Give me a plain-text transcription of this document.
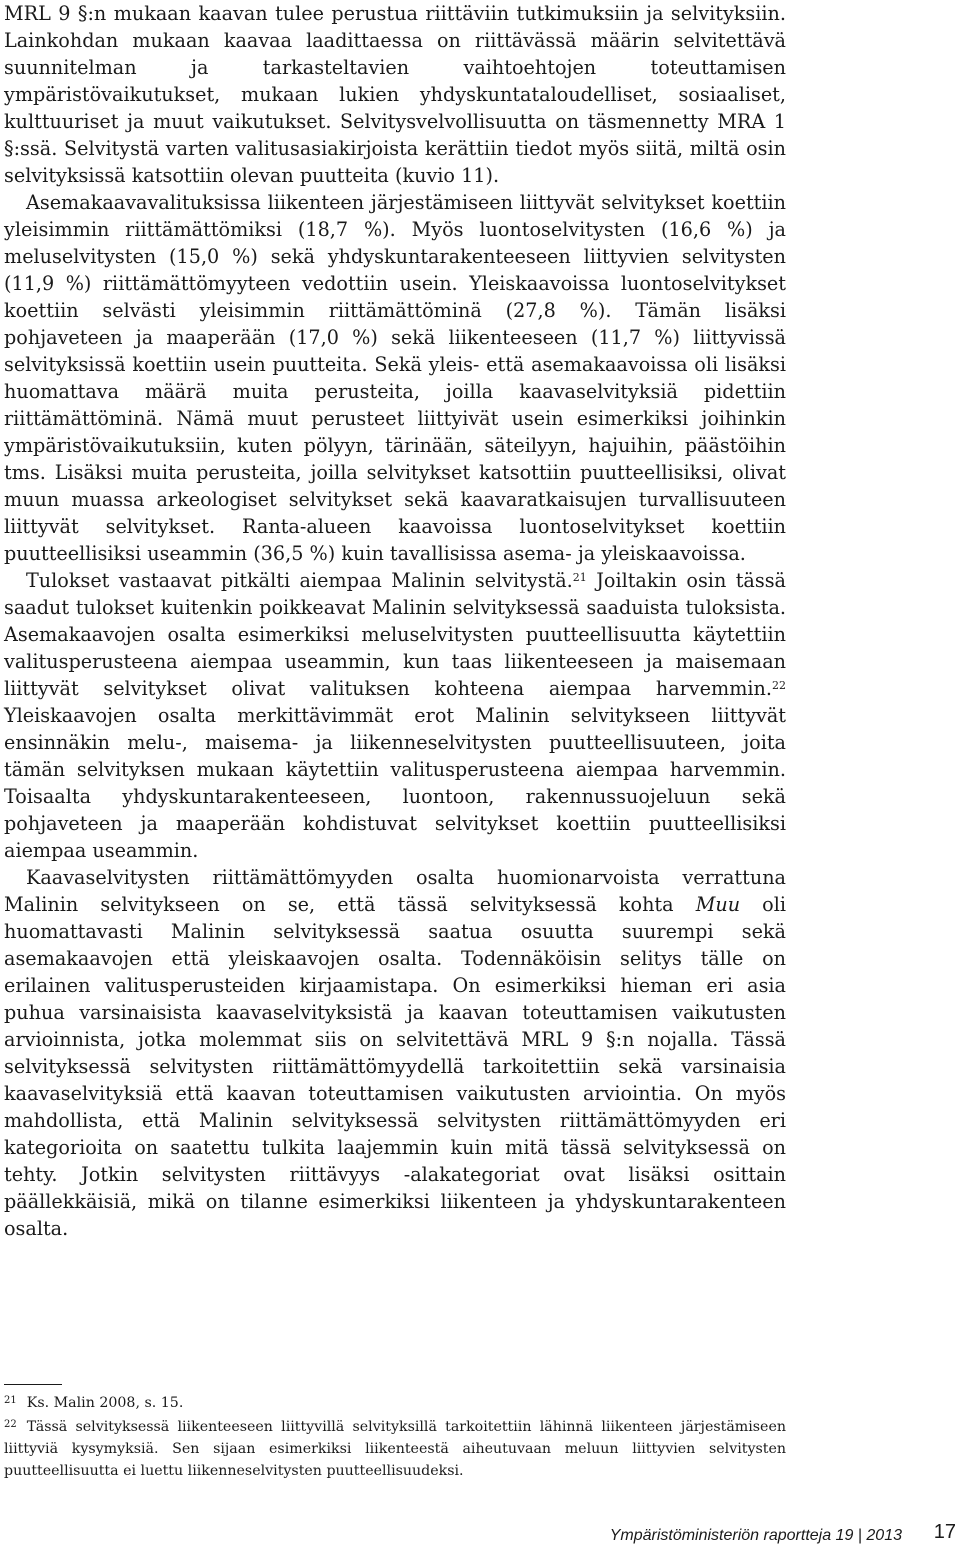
MRL 9 §:n mukaan kaavan tulee perustua riittäviin tutkimuksiin ja selvityksiin. Lainkohdan mukaan kaavaa laadittaessa on riittävässä määrin selvitettävä suunnitelman ja tarkasteltavien vaihtoehtojen toteuttamisen ympäristövaikutukset, mukaan lukien yhdyskuntataloudelliset, sosiaaliset, kulttuuriset ja muut vaikutukset. Selvitysvelvollisuutta on täsmennetty MRA 1 §:ssä. Selvitystä varten valitusasiakirjoista kerättiin tiedot myös siitä, miltä osin selvityksissä katsottiin olevan puutteita (kuvio 11).

Asemakaavavalituksissa liikenteen järjestämiseen liittyvät selvitykset koettiin yleisimmin riittämättömiksi (18,7 %). Myös luontoselvitysten (16,6 %) ja meluselvitysten (15,0 %) sekä yhdyskuntarakenteeseen liittyvien selvitysten (11,9 %) riittämättömyyteen vedottiin usein. Yleiskaavoissa luontoselvitykset koettiin selvästi yleisimmin riittämättöminä (27,8 %). Tämän lisäksi pohjaveteen ja maaperään (17,0 %) sekä liikenteeseen (11,7 %) liittyvissä selvityksissä koettiin usein puutteita. Sekä yleis- että asemakaavoissa oli lisäksi huomattava määrä muita perusteita, joilla kaavaselvityksiä pidettiin riittämättöminä. Nämä muut perusteet liittyivät usein esimerkiksi joihinkin ympäristövaikutuksiin, kuten pölyyn, tärinään, säteilyyn, hajuihin, päästöihin tms. Lisäksi muita perusteita, joilla selvitykset katsottiin puutteellisiksi, olivat muun muassa arkeologiset selvitykset sekä kaavaratkaisujen turvallisuuteen liittyvät selvitykset. Ranta-alueen kaavoissa luontoselvitykset koettiin puutteellisiksi useammin (36,5 %) kuin tavallisissa asema- ja yleiskaavoissa.

Tulokset vastaavat pitkälti aiempaa Malinin selvitystä.$^{21}$ Joiltakin osin tässä saadut tulokset kuitenkin poikkeavat Malinin selvityksessä saaduista tuloksista. Asemakaavojen osalta esimerkiksi meluselvitysten puutteellisuutta käytettiin valitusperusteena aiempaa useammin, kun taas liikenteeseen ja maisemaan liittyvät selvitykset olivat valituksen kohteena aiempaa harvemmin.$^{22}$ Yleiskaavojen osalta merkittävimmät erot Malinin selvitykseen liittyvät ensinnäkin melu-, maisema- ja liikenneselvitysten puutteellisuuteen, joita tämän selvityksen mukaan käytettiin valitusperusteena aiempaa harvemmin. Toisaalta yhdyskuntarakenteeseen, luontoon, rakennussuojeluun sekä pohjaveteen ja maaperään kohdistuvat selvitykset koettiin puutteellisiksi aiempaa useammin.

Kaavaselvitysten riittämättömyyden osalta huomionarvoista verrattuna Malinin selvitykseen on se, että tässä selvityksessä kohta Muu oli huomattavasti Malinin selvityksessä saatua osuutta suurempi sekä asemakaavojen että yleiskaavojen osalta. Todennäköisin selitys tälle on erilainen valitusperusteiden kirjaamistapa. On esimerkiksi hieman eri asia puhua varsinaisista kaavaselvityksistä ja kaavan toteuttamisen vaikutusten arvioinnista, jotka molemmat siis on selvitettävä MRL 9 §:n nojalla. Tässä selvityksessä selvitysten riittämättömyydellä tarkoitettiin sekä varsinaisia kaavaselvityksiä että kaavan toteuttamisen vaikutusten arviointia. On myös mahdollista, että Malinin selvityksessä selvitysten riittämättömyyden eri kategorioita on saatettu tulkita laajemmin kuin mitä tässä selvityksessä on tehty. Jotkin selvitysten riittävyys -alakategoriat ovat lisäksi osittain päällekkäisiä, mikä on tilanne esimerkiksi liikenteen ja yhdyskuntarakenteen osalta.

$^{21}$ Ks. Malin 2008, s. 15.

$^{22}$ Tässä selvityksessä liikenteeseen liittyvillä selvityksillä tarkoitettiin lähinnä liikenteen järjestämiseen liittyviä kysymyksiä. Sen sijaan esimerkiksi liikenteestä aiheutuvaan meluun liittyvien selvitysten puutteellisuutta ei luettu liikenneselvitysten puutteellisuudeksi.

Ympäristöministeriön raportteja 19 | 2013 17
